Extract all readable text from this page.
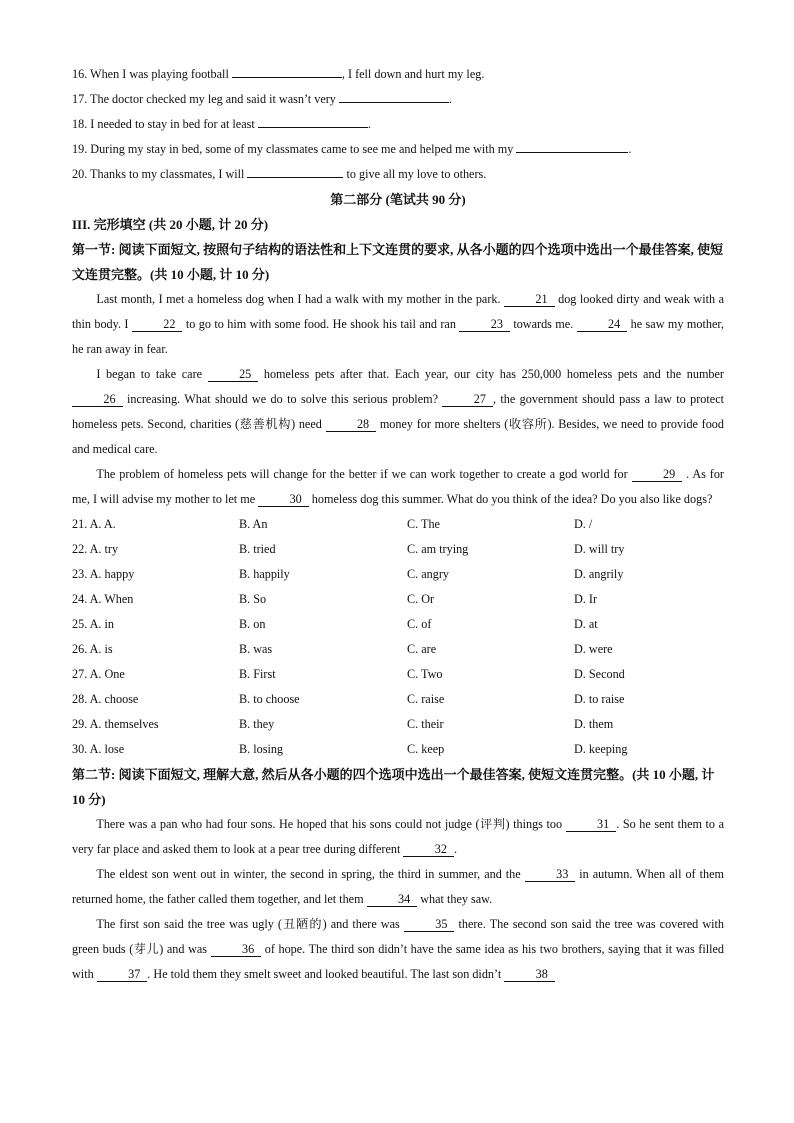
16. When I was playing football	, I fell down and hurt my leg.
17. The doctor checked my leg and said it wasn’t very	.
18. I needed to stay in bed for at least	.
19. During my stay in bed, some of my classmates came to see me and helped me with my	.
20. Thanks to my classmates, I will	to give all my love to others.
第二部分 (笔试共 90 分)
III. 完形填空 (共 20 小题, 计 20 分)
第一节: 阅读下面短文, 按照句子结构的语法性和上下文连贯的要求, 从各小题的四个选项中选出一个最佳答案, 使短文连贯完整。(共 10 小题, 计 10 分)
Last month, I met a homeless dog when I had a walk with my mother in the park.	21 dog looked dirty and weak with a thin body. I	22 to go to him with some food. He shook his tail and ran	23 towards me.	24 he saw my mother, he ran away in fear.
I began to take care	25 homeless pets after that. Each year, our city has 250,000 homeless pets and the number 26 increasing. What should we do to solve this serious problem?	27 , the government should pass a law to protect homeless pets. Second, charities (慈善机构) need	28 money for more shelters (收容所). Besides, we need to provide food and medical care.
The problem of homeless pets will change for the better if we can work together to create a god world for	29 . As for me, I will advise my mother to let me	30 homeless dog this summer. What do you think of the idea? Do you also like dogs?
21. A. A.	B. An	C. The	D. /
22. A. try	B. tried	C. am trying	D. will try
23. A. happy	B. happily	C. angry	D. angrily
24. A. When	B. So	C. Or	D. Ir
25. A. in	B. on	C. of	D. at
26. A. is	B. was	C. are	D. were
27. A. One	B. First	C. Two	D. Second
28. A. choose	B. to choose	C. raise	D. to raise
29. A. themselves	B. they	C. their	D. them
30. A. lose	B. losing	C. keep	D. keeping
第二节: 阅读下面短文, 理解大意, 然后从各小题的四个选项中选出一个最佳答案, 使短文连贯完整。(共 10 小题, 计 10 分)
There was a pan who had four sons. He hoped that his sons could not judge (评判) things too	31 . So he sent them to a very far place and asked them to look at a pear tree during different	32 .
The eldest son went out in winter, the second in spring, the third in summer, and the	33 in autumn. When all of them returned home, the father called them together, and let them	34 what they saw.
The first son said the tree was ugly (丑陋的) and there was	35 there. The second son said the tree was covered with green buds (芽儿) and was	36 of hope. The third son didn’t have the same idea as his two brothers, saying that it was filled with	37 . He told them they smelt sweet and looked beautiful. The last son didn’t	38
